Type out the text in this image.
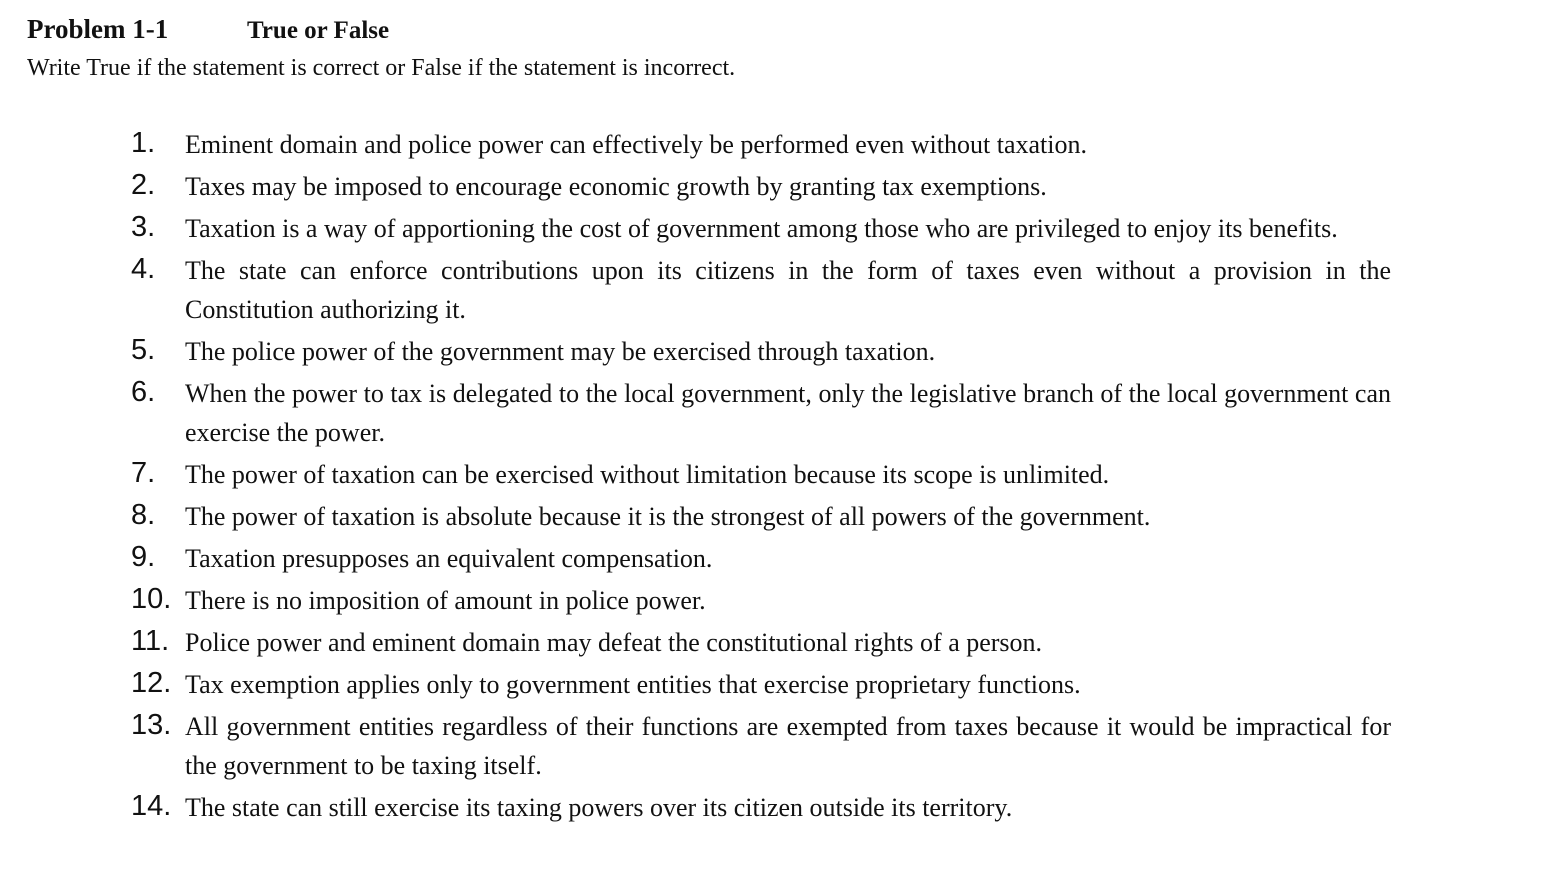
Problem 1-1	True or False
Write True if the statement is correct or False if the statement is incorrect.
1. Eminent domain and police power can effectively be performed even without taxation.
2. Taxes may be imposed to encourage economic growth by granting tax exemptions.
3. Taxation is a way of apportioning the cost of government among those who are privileged to enjoy its benefits.
4. The state can enforce contributions upon its citizens in the form of taxes even without a provision in the Constitution authorizing it.
5. The police power of the government may be exercised through taxation.
6. When the power to tax is delegated to the local government, only the legislative branch of the local government can exercise the power.
7. The power of taxation can be exercised without limitation because its scope is unlimited.
8. The power of taxation is absolute because it is the strongest of all powers of the government.
9. Taxation presupposes an equivalent compensation.
10. There is no imposition of amount in police power.
11. Police power and eminent domain may defeat the constitutional rights of a person.
12. Tax exemption applies only to government entities that exercise proprietary functions.
13. All government entities regardless of their functions are exempted from taxes because it would be impractical for the government to be taxing itself.
14. The state can still exercise its taxing powers over its citizen outside its territory.
